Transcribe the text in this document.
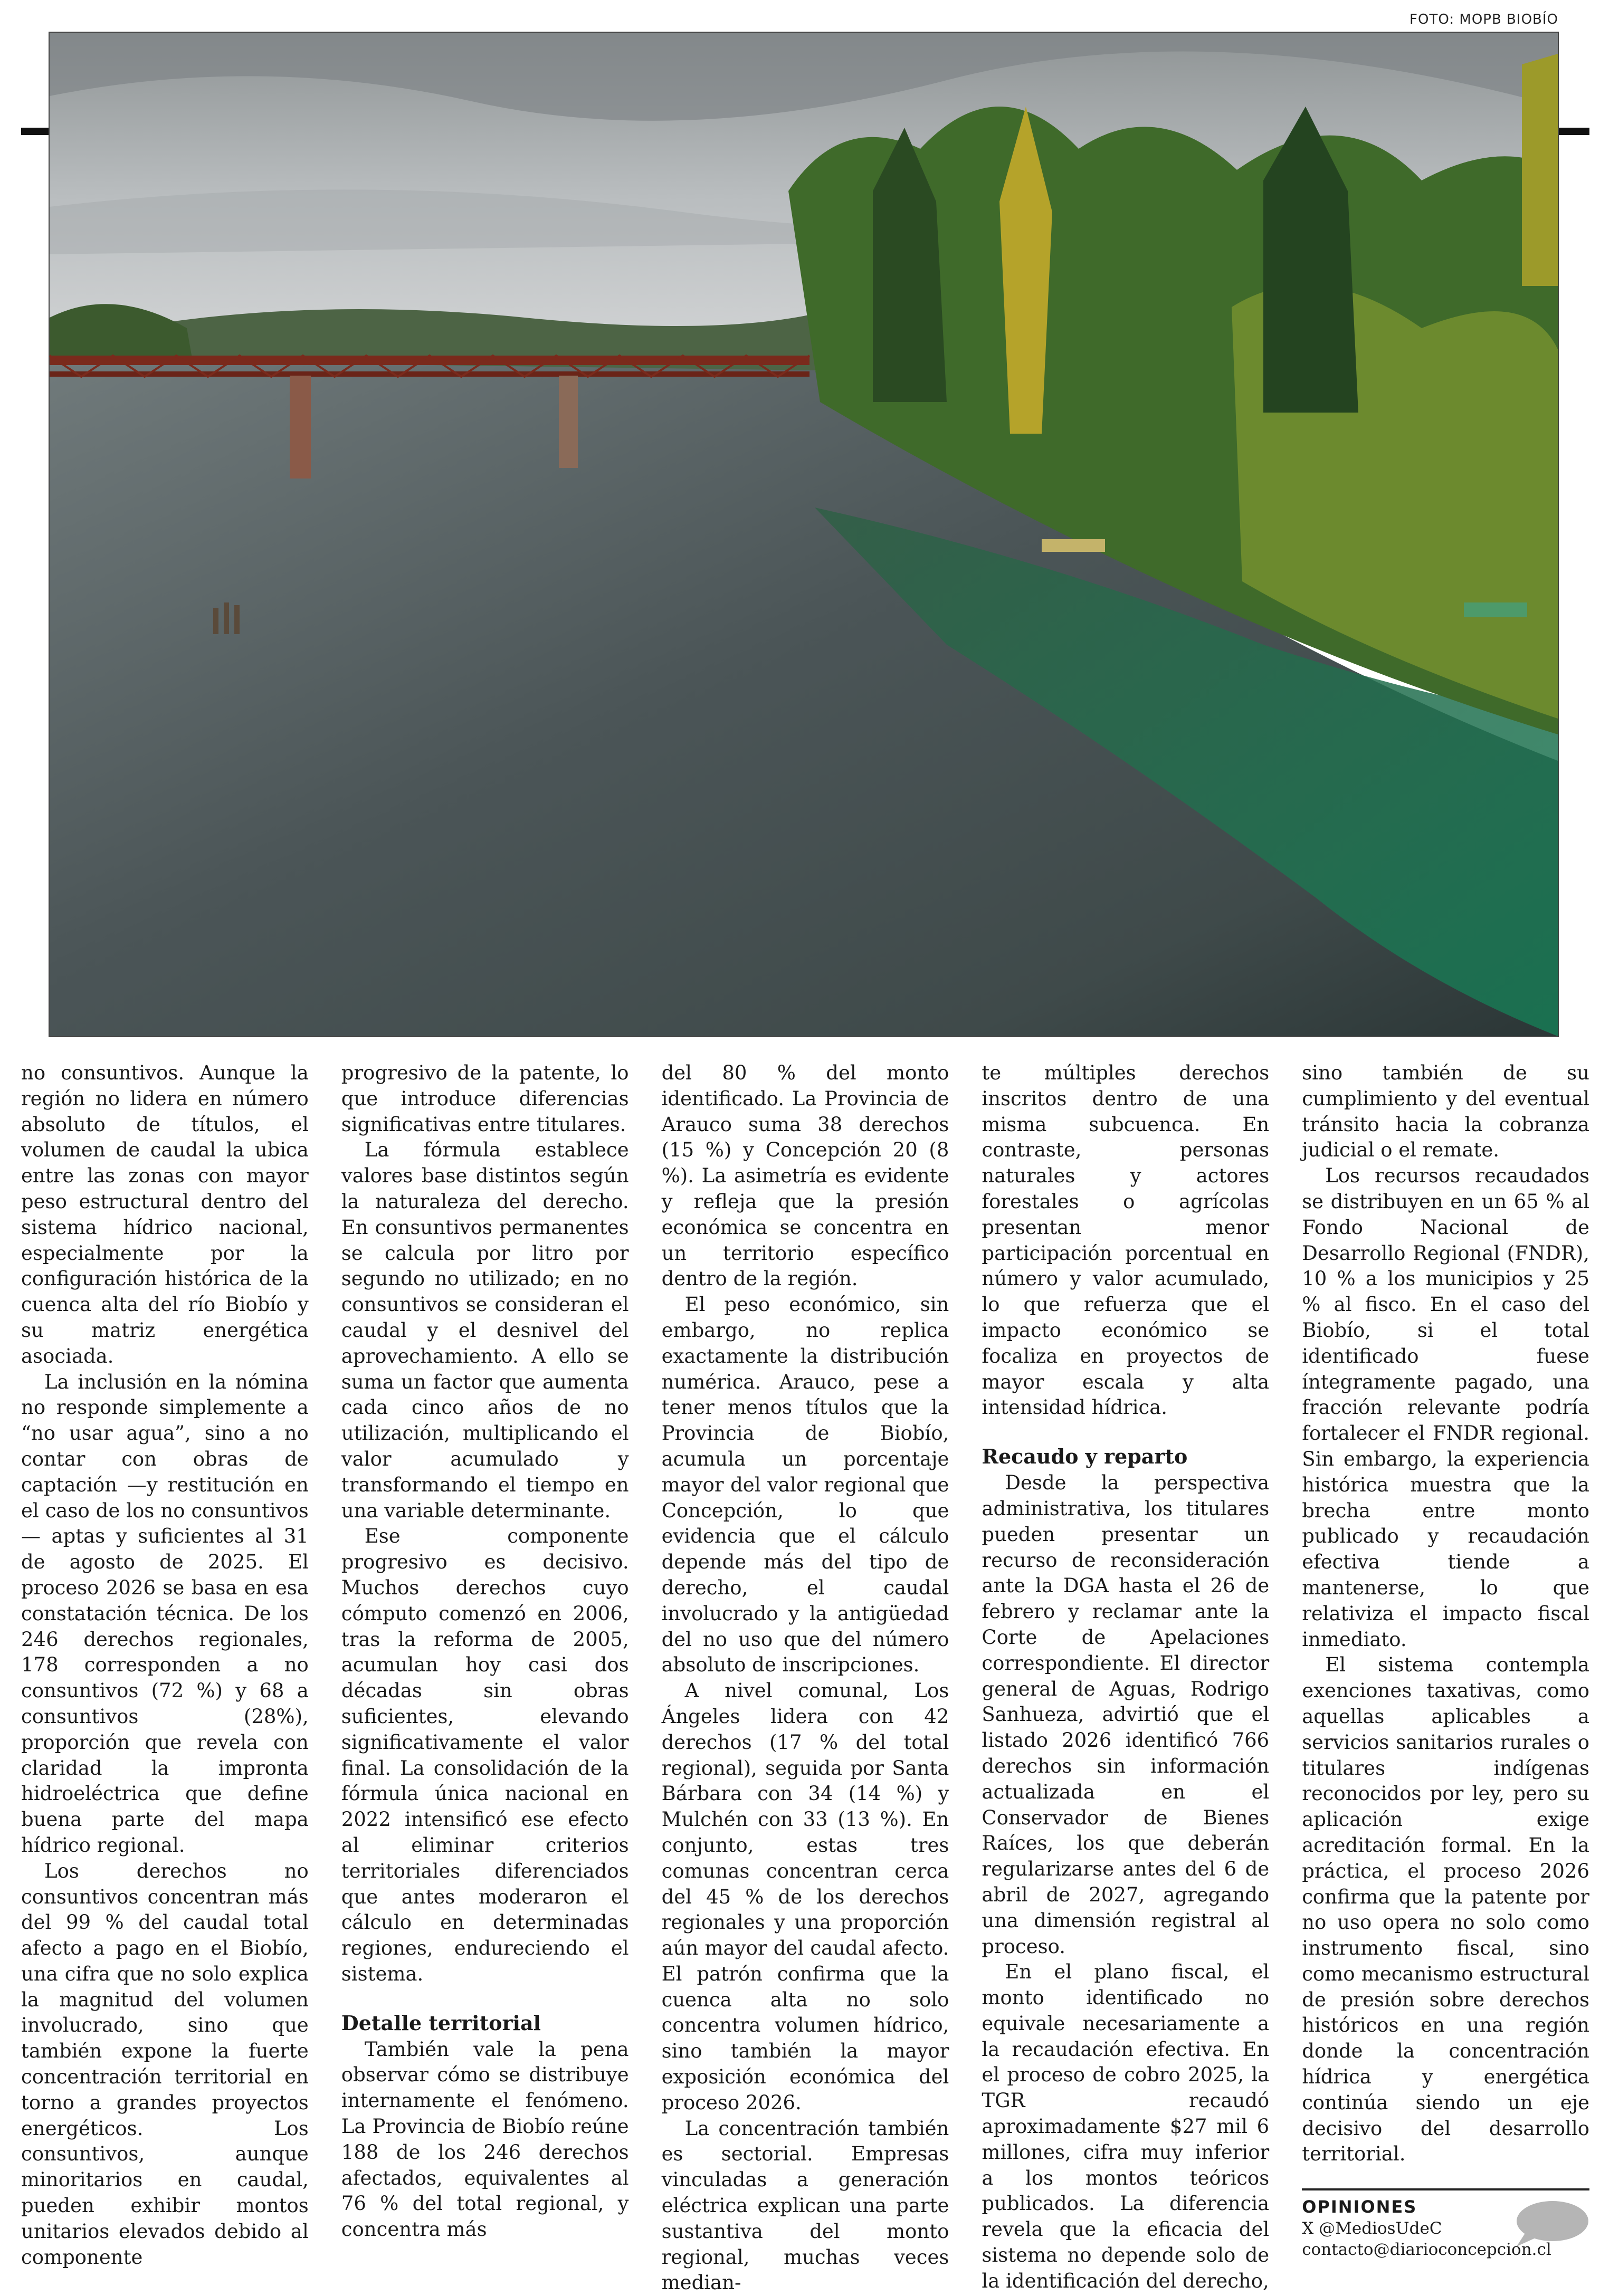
FOTO: MOPB BIOBÍO

no consuntivos. Aunque la región no lidera en número absoluto de títulos, el volumen de caudal la ubica entre las zonas con mayor peso estructural dentro del sistema hídrico nacional, especialmente por la configuración histórica de la cuenca alta del río Biobío y su matriz energética asociada.

La inclusión en la nómina no responde simplemente a “no usar agua”, sino a no contar con obras de captación —y restitución en el caso de los no consuntivos— aptas y suficientes al 31 de agosto de 2025. El proceso 2026 se basa en esa constatación técnica. De los 246 derechos regionales, 178 corresponden a no consuntivos (72 %) y 68 a consuntivos (28%), proporción que revela con claridad la impronta hidroeléctrica que define buena parte del mapa hídrico regional.

Los derechos no consuntivos concentran más del 99 % del caudal total afecto a pago en el Biobío, una cifra que no solo explica la magnitud del volumen involucrado, sino que también expone la fuerte concentración territorial en torno a grandes proyectos energéticos. Los consuntivos, aunque minoritarios en caudal, pueden exhibir montos unitarios elevados debido al componente

progresivo de la patente, lo que introduce diferencias significativas entre titulares.

La fórmula establece valores base distintos según la naturaleza del derecho. En consuntivos permanentes se calcula por litro por segundo no utilizado; en no consuntivos se consideran el caudal y el desnivel del aprovechamiento. A ello se suma un factor que aumenta cada cinco años de no utilización, multiplicando el valor acumulado y transformando el tiempo en una variable determinante.

Ese componente progresivo es decisivo. Muchos derechos cuyo cómputo comenzó en 2006, tras la reforma de 2005, acumulan hoy casi dos décadas sin obras suficientes, elevando significativamente el valor final. La consolidación de la fórmula única nacional en 2022 intensificó ese efecto al eliminar criterios territoriales diferenciados que antes moderaron el cálculo en determinadas regiones, endureciendo el sistema.

Detalle territorial

También vale la pena observar cómo se distribuye internamente el fenómeno. La Provincia de Biobío reúne 188 de los 246 derechos afectados, equivalentes al 76 % del total regional, y concentra más

del 80 % del monto identificado. La Provincia de Arauco suma 38 derechos (15 %) y Concepción 20 (8 %). La asimetría es evidente y refleja que la presión económica se concentra en un territorio específico dentro de la región.

El peso económico, sin embargo, no replica exactamente la distribución numérica. Arauco, pese a tener menos títulos que la Provincia de Biobío, acumula un porcentaje mayor del valor regional que Concepción, lo que evidencia que el cálculo depende más del tipo de derecho, el caudal involucrado y la antigüedad del no uso que del número absoluto de inscripciones.

A nivel comunal, Los Ángeles lidera con 42 derechos (17 % del total regional), seguida por Santa Bárbara con 34 (14 %) y Mulchén con 33 (13 %). En conjunto, estas tres comunas concentran cerca del 45 % de los derechos regionales y una proporción aún mayor del caudal afecto. El patrón confirma que la cuenca alta no solo concentra volumen hídrico, sino también la mayor exposición económica del proceso 2026.

La concentración también es sectorial. Empresas vinculadas a generación eléctrica explican una parte sustantiva del monto regional, muchas veces median-

te múltiples derechos inscritos dentro de una misma subcuenca. En contraste, personas naturales y actores forestales o agrícolas presentan menor participación porcentual en número y valor acumulado, lo que refuerza que el impacto económico se focaliza en proyectos de mayor escala y alta intensidad hídrica.

Recaudo y reparto

Desde la perspectiva administrativa, los titulares pueden presentar un recurso de reconsideración ante la DGA hasta el 26 de febrero y reclamar ante la Corte de Apelaciones correspondiente. El director general de Aguas, Rodrigo Sanhueza, advirtió que el listado 2026 identificó 766 derechos sin información actualizada en el Conservador de Bienes Raíces, los que deberán regularizarse antes del 6 de abril de 2027, agregando una dimensión registral al proceso.

En el plano fiscal, el monto identificado no equivale necesariamente a la recaudación efectiva. En el proceso de cobro 2025, la TGR recaudó aproximadamente $27 mil 6 millones, cifra muy inferior a los montos teóricos publicados. La diferencia revela que la eficacia del sistema no depende solo de la identificación del derecho,

sino también de su cumplimiento y del eventual tránsito hacia la cobranza judicial o el remate.

Los recursos recaudados se distribuyen en un 65 % al Fondo Nacional de Desarrollo Regional (FNDR), 10 % a los municipios y 25 % al fisco. En el caso del Biobío, si el total identificado fuese íntegramente pagado, una fracción relevante podría fortalecer el FNDR regional. Sin embargo, la experiencia histórica muestra que la brecha entre monto publicado y recaudación efectiva tiende a mantenerse, lo que relativiza el impacto fiscal inmediato.

El sistema contempla exenciones taxativas, como aquellas aplicables a servicios sanitarios rurales o titulares indígenas reconocidos por ley, pero su aplicación exige acreditación formal. En la práctica, el proceso 2026 confirma que la patente por no uso opera no solo como instrumento fiscal, sino como mecanismo estructural de presión sobre derechos históricos en una región donde la concentración hídrica y energética continúa siendo un eje decisivo del desarrollo territorial.

OPINIONES
X @MediosUdeC
contacto@diarioconcepcion.cl
